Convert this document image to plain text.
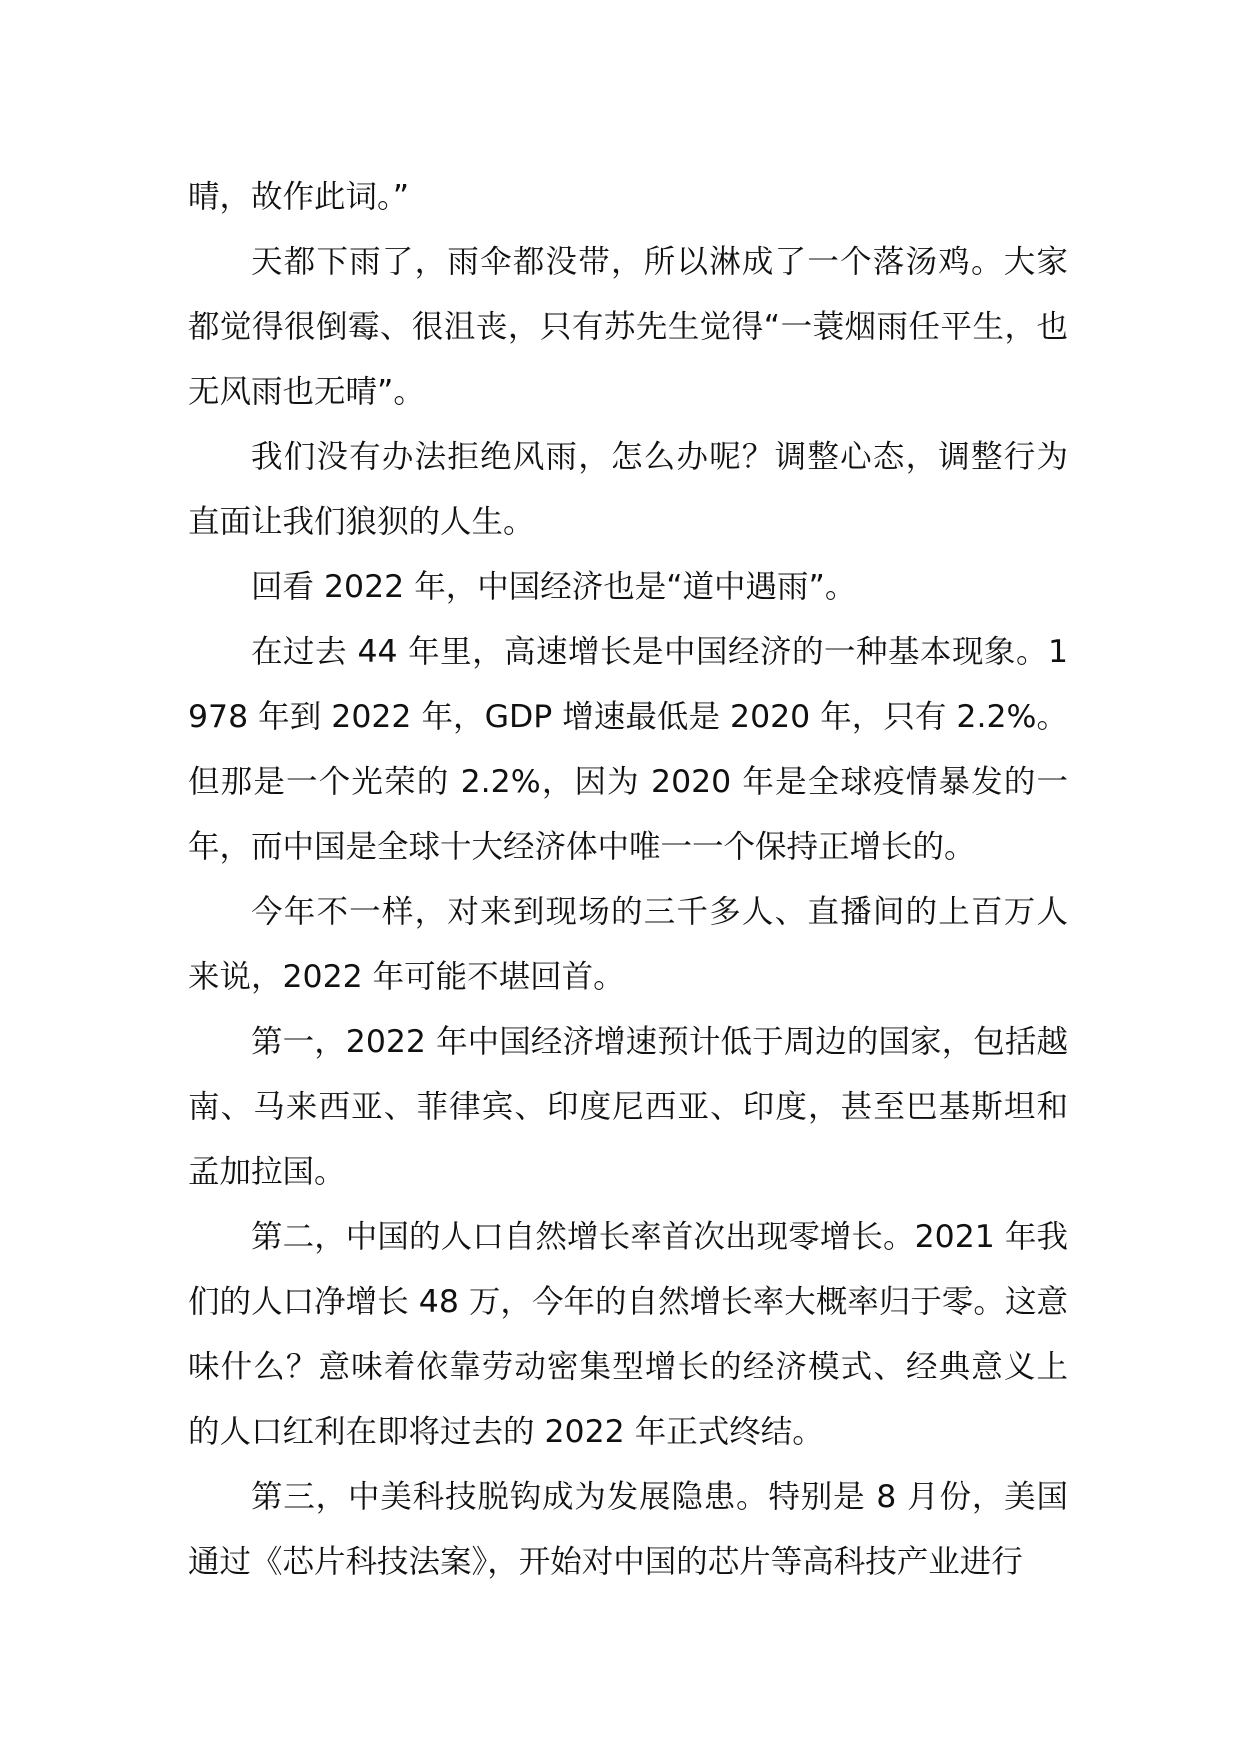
晴，故作此词。”

天都下雨了，雨伞都没带，所以淋成了一个落汤鸡。大家都觉得很倒霉、很沮丧，只有苏先生觉得“一蓑烟雨任平生，也无风雨也无晴”。

我们没有办法拒绝风雨，怎么办呢？调整心态，调整行为直面让我们狼狈的人生。

回看 2022 年，中国经济也是“道中遇雨”。

在过去 44 年里，高速增长是中国经济的一种基本现象。1978 年到 2022 年，GDP 增速最低是 2020 年，只有 2.2%。但那是一个光荣的 2.2%，因为 2020 年是全球疫情暴发的一年，而中国是全球十大经济体中唯一一个保持正增长的。

今年不一样，对来到现场的三千多人、直播间的上百万人来说，2022 年可能不堪回首。

第一，2022 年中国经济增速预计低于周边的国家，包括越南、马来西亚、菲律宾、印度尼西亚、印度，甚至巴基斯坦和孟加拉国。

第二，中国的人口自然增长率首次出现零增长。2021 年我们的人口净增长 48 万，今年的自然增长率大概率归于零。这意味什么？意味着依靠劳动密集型增长的经济模式、经典意义上的人口红利在即将过去的 2022 年正式终结。

第三，中美科技脱钩成为发展隐患。特别是 8 月份，美国通过《芯片科技法案》，开始对中国的芯片等高科技产业进行
